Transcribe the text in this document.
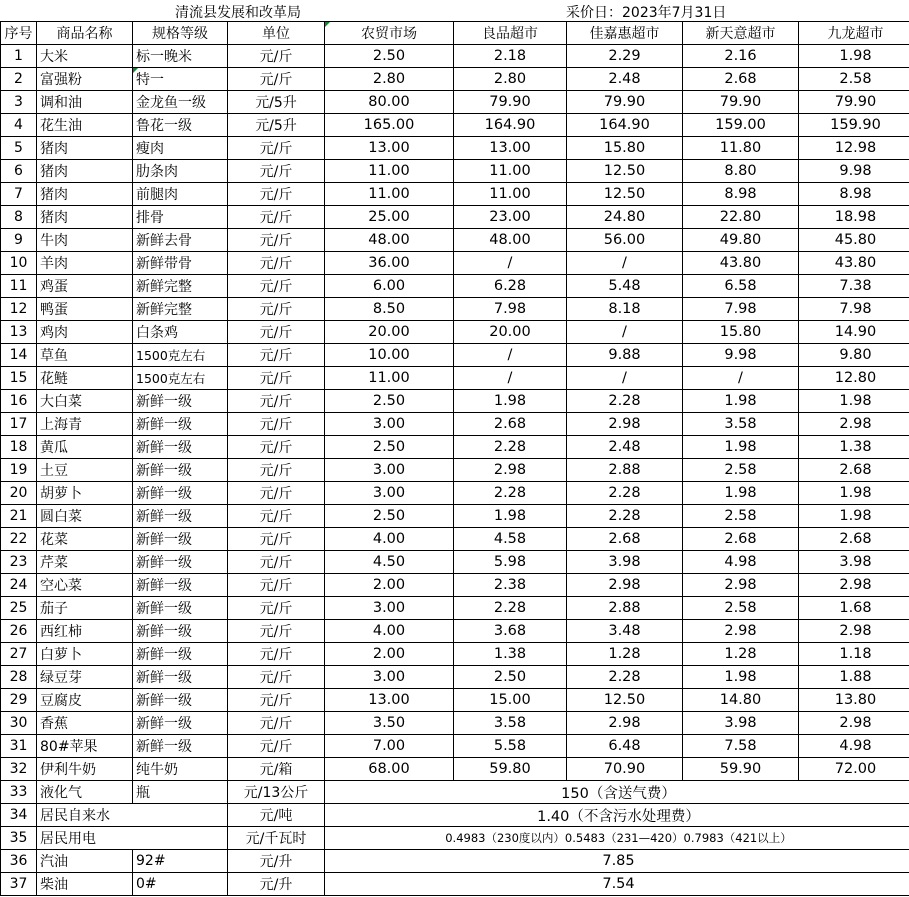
清流县发展和改革局	采价日：2023年7月31日
序号	商品名称	规格等级	单位	农贸市场	良品超市	佳嘉惠超市	新天意超市	九龙超市
1	大米	标一晚米	元/斤	2.50	2.18	2.29	2.16	1.98
2	富强粉	特一	元/斤	2.80	2.80	2.48	2.68	2.58
3	调和油	金龙鱼一级	元/5升	80.00	79.90	79.90	79.90	79.90
4	花生油	鲁花一级	元/5升	165.00	164.90	164.90	159.00	159.90
5	猪肉	瘦肉	元/斤	13.00	13.00	15.80	11.80	12.98
6	猪肉	肋条肉	元/斤	11.00	11.00	12.50	8.80	9.98
7	猪肉	前腿肉	元/斤	11.00	11.00	12.50	8.98	8.98
8	猪肉	排骨	元/斤	25.00	23.00	24.80	22.80	18.98
9	牛肉	新鲜去骨	元/斤	48.00	48.00	56.00	49.80	45.80
10	羊肉	新鲜带骨	元/斤	36.00	/	/	43.80	43.80
11	鸡蛋	新鲜完整	元/斤	6.00	6.28	5.48	6.58	7.38
12	鸭蛋	新鲜完整	元/斤	8.50	7.98	8.18	7.98	7.98
13	鸡肉	白条鸡	元/斤	20.00	20.00	/	15.80	14.90
14	草鱼	1500克左右	元/斤	10.00	/	9.88	9.98	9.80
15	花鲢	1500克左右	元/斤	11.00	/	/	/	12.80
16	大白菜	新鲜一级	元/斤	2.50	1.98	2.28	1.98	1.98
17	上海青	新鲜一级	元/斤	3.00	2.68	2.98	3.58	2.98
18	黄瓜	新鲜一级	元/斤	2.50	2.28	2.48	1.98	1.38
19	土豆	新鲜一级	元/斤	3.00	2.98	2.88	2.58	2.68
20	胡萝卜	新鲜一级	元/斤	3.00	2.28	2.28	1.98	1.98
21	圆白菜	新鲜一级	元/斤	2.50	1.98	2.28	2.58	1.98
22	花菜	新鲜一级	元/斤	4.00	4.58	2.68	2.68	2.68
23	芹菜	新鲜一级	元/斤	4.50	5.98	3.98	4.98	3.98
24	空心菜	新鲜一级	元/斤	2.00	2.38	2.98	2.98	2.98
25	茄子	新鲜一级	元/斤	3.00	2.28	2.88	2.58	1.68
26	西红柿	新鲜一级	元/斤	4.00	3.68	3.48	2.98	2.98
27	白萝卜	新鲜一级	元/斤	2.00	1.38	1.28	1.28	1.18
28	绿豆芽	新鲜一级	元/斤	3.00	2.50	2.28	1.98	1.88
29	豆腐皮	新鲜一级	元/斤	13.00	15.00	12.50	14.80	13.80
30	香蕉	新鲜一级	元/斤	3.50	3.58	2.98	3.98	2.98
31	80#苹果	新鲜一级	元/斤	7.00	5.58	6.48	7.58	4.98
32	伊利牛奶	纯牛奶	元/箱	68.00	59.80	70.90	59.90	72.00
33	液化气	瓶	元/13公斤	150（含送气费）				
34	居民自来水		元/吨	1.40（不含污水处理费）				
35	居民用电		元/千瓦时	0.4983（230度以内）0.5483（231—420）0.7983（421以上）				
36	汽油	92#	元/升	7.85				
37	柴油	0#	元/升	7.54				
